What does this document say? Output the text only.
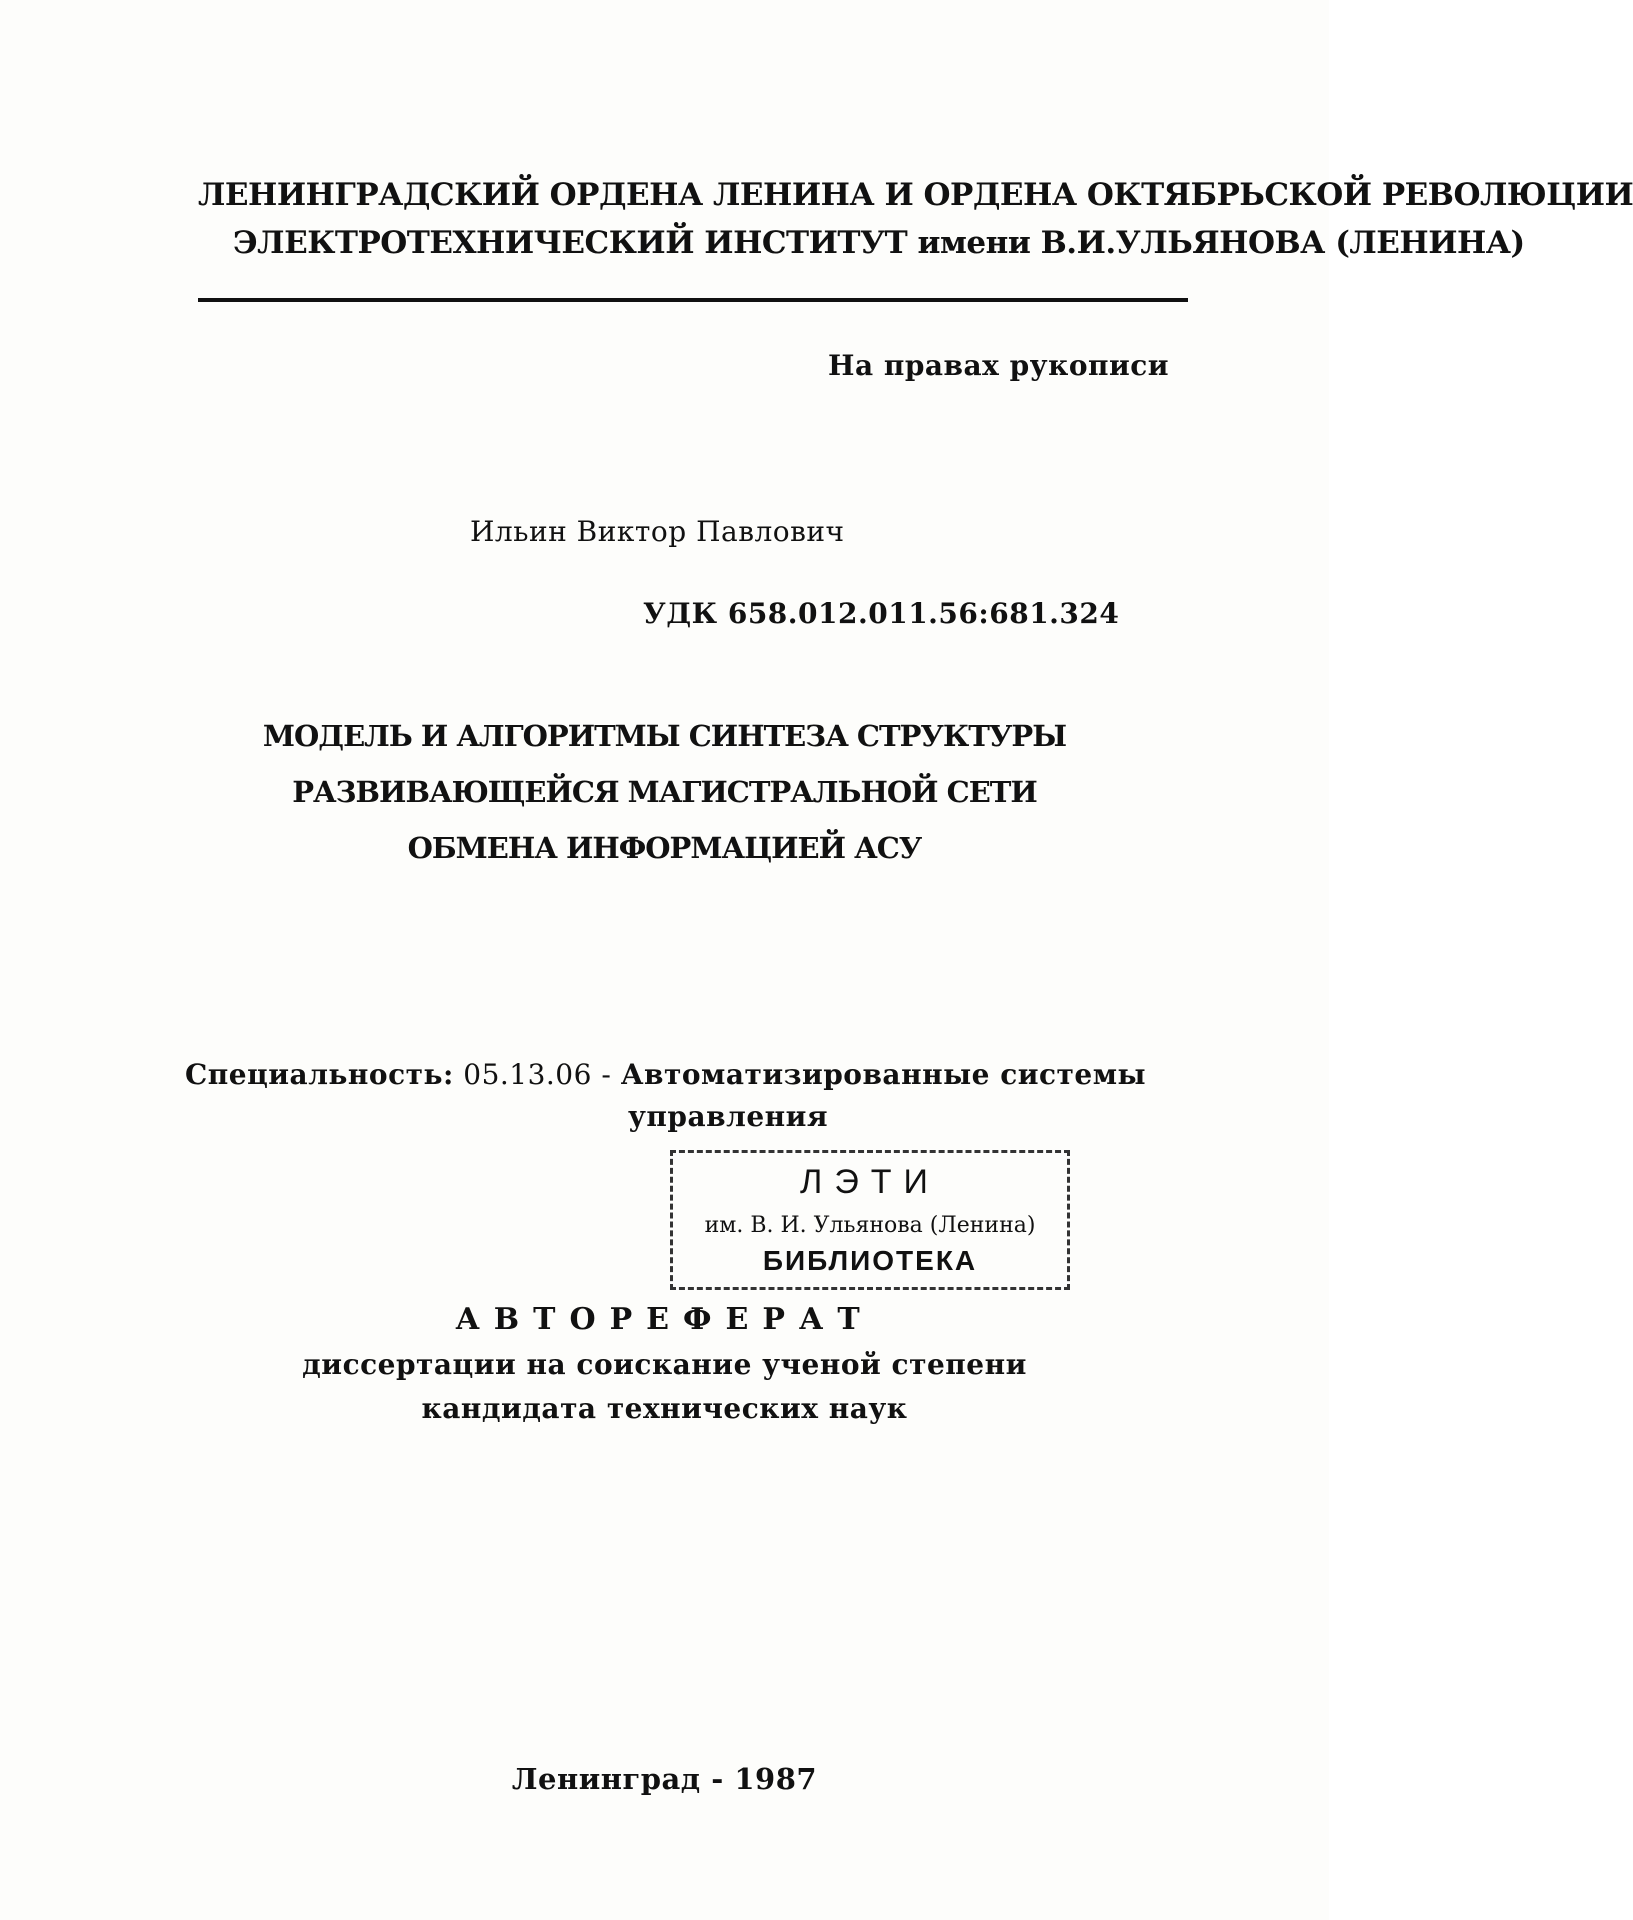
ЛЕНИНГРАДСКИЙ ОРДЕНА ЛЕНИНА И ОРДЕНА ОКТЯБРЬСКОЙ РЕВОЛЮЦИИ
ЭЛЕКТРОТЕХНИЧЕСКИЙ ИНСТИТУТ имени В.И.УЛЬЯНОВА (ЛЕНИНА)
На правах рукописи
Ильин Виктор Павлович
УДК 658.012.011.56:681.324
МОДЕЛЬ И АЛГОРИТМЫ СИНТЕЗА СТРУКТУРЫ
РАЗВИВАЮЩЕЙСЯ МАГИСТРАЛЬНОЙ СЕТИ
ОБМЕНА ИНФОРМАЦИЕЙ АСУ
Специальность: 05.13.06 - Автоматизированные системы
управления
ЛЭТИ
им. В. И. Ульянова (Ленина)
БИБЛИОТЕКА
АВТОРЕФЕРАТ
диссертации на соискание ученой степени
кандидата технических наук
Ленинград - 1987
